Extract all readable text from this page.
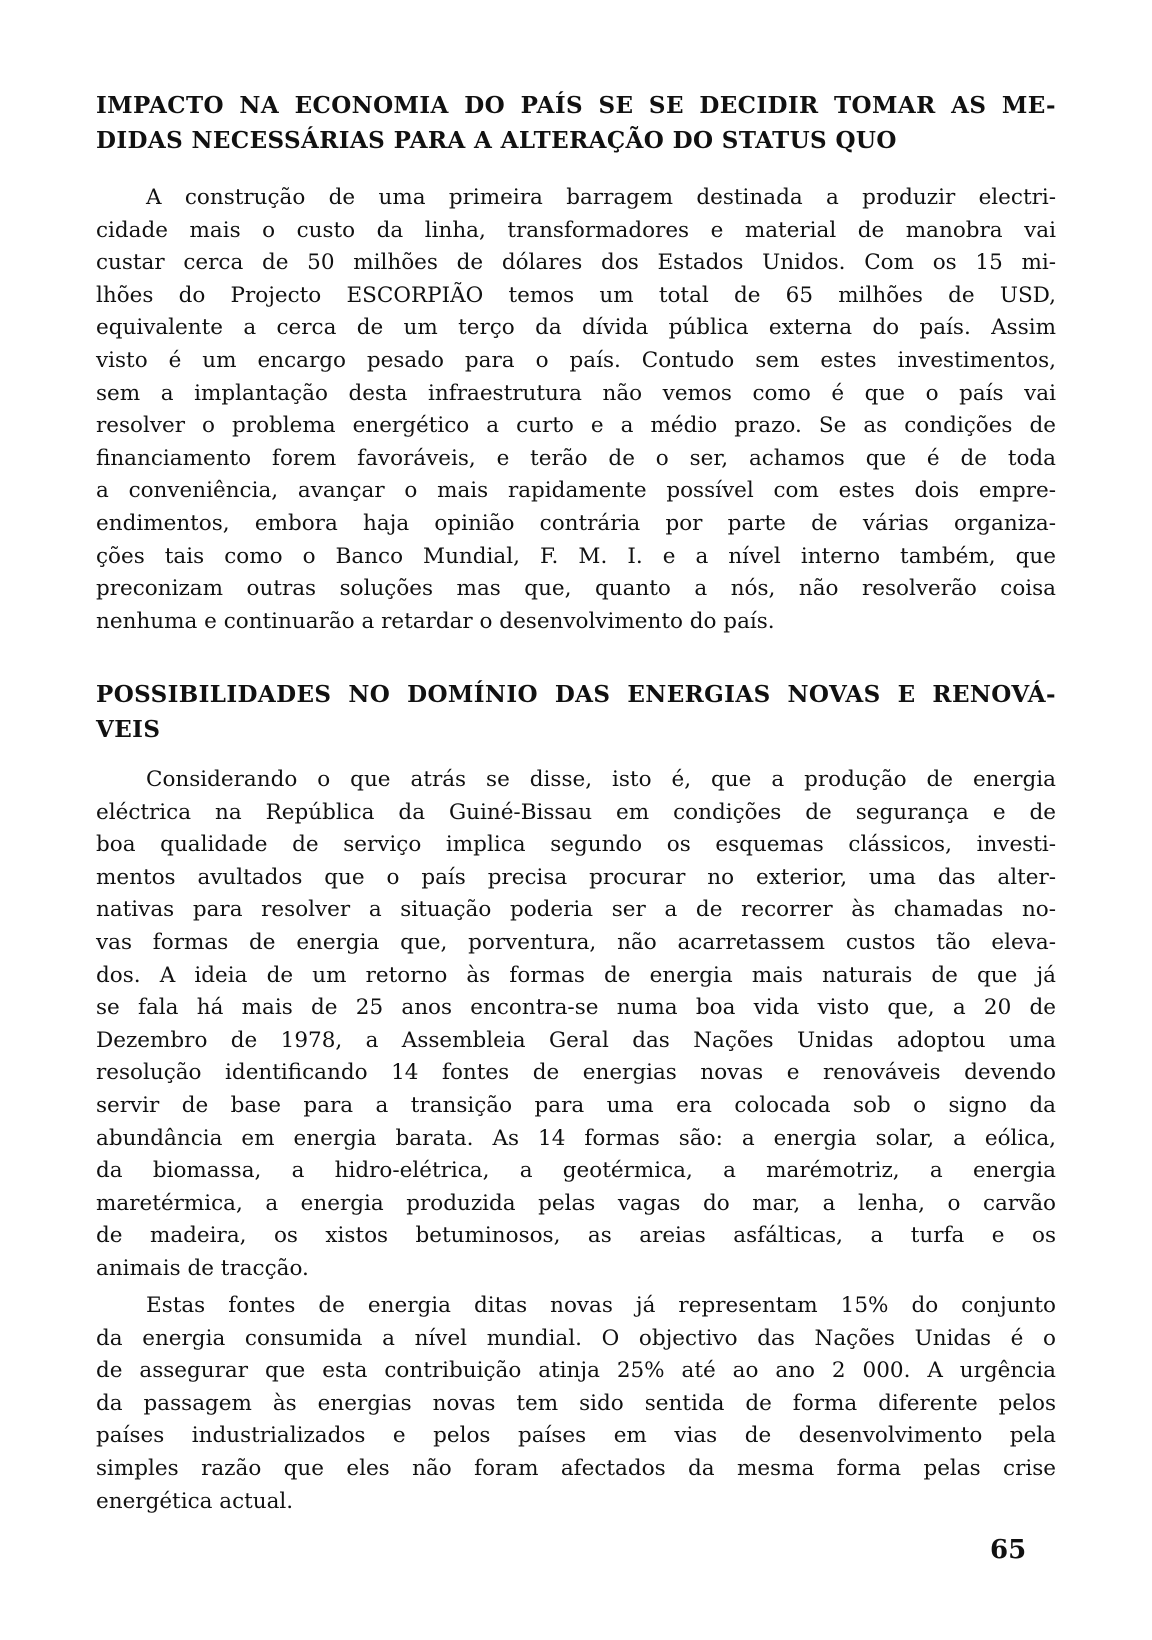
IMPACTO NA ECONOMIA DO PAÍS SE SE DECIDIR TOMAR AS ME-
DIDAS NECESSÁRIAS PARA A ALTERAÇÃO DO STATUS QUO
A construção de uma primeira barragem destinada a produzir electri-
cidade mais o custo da linha, transformadores e material de manobra vai
custar cerca de 50 milhões de dólares dos Estados Unidos. Com os 15 mi-
lhões do Projecto ESCORPIÃO temos um total de 65 milhões de USD,
equivalente a cerca de um terço da dívida pública externa do país. Assim
visto é um encargo pesado para o país. Contudo sem estes investimentos,
sem a implantação desta infraestrutura não vemos como é que o país vai
resolver o problema energético a curto e a médio prazo. Se as condições de
financiamento forem favoráveis, e terão de o ser, achamos que é de toda
a conveniência, avançar o mais rapidamente possível com estes dois empre-
endimentos, embora haja opinião contrária por parte de várias organiza-
ções tais como o Banco Mundial, F. M. I. e a nível interno também, que
preconizam outras soluções mas que, quanto a nós, não resolverão coisa
nenhuma e continuarão a retardar o desenvolvimento do país.
POSSIBILIDADES NO DOMÍNIO DAS ENERGIAS NOVAS E RENOVÁ-
VEIS
Considerando o que atrás se disse, isto é, que a produção de energia
eléctrica na República da Guiné-Bissau em condições de segurança e de
boa qualidade de serviço implica segundo os esquemas clássicos, investi-
mentos avultados que o país precisa procurar no exterior, uma das alter-
nativas para resolver a situação poderia ser a de recorrer às chamadas no-
vas formas de energia que, porventura, não acarretassem custos tão eleva-
dos. A ideia de um retorno às formas de energia mais naturais de que já
se fala há mais de 25 anos encontra-se numa boa vida visto que, a 20 de
Dezembro de 1978, a Assembleia Geral das Nações Unidas adoptou uma
resolução identificando 14 fontes de energias novas e renováveis devendo
servir de base para a transição para uma era colocada sob o signo da
abundância em energia barata. As 14 formas são: a energia solar, a eólica,
da biomassa, a hidro-elétrica, a geotérmica, a marémotriz, a energia
maretérmica, a energia produzida pelas vagas do mar, a lenha, o carvão
de madeira, os xistos betuminosos, as areias asfálticas, a turfa e os
animais de tracção.
Estas fontes de energia ditas novas já representam 15% do conjunto
da energia consumida a nível mundial. O objectivo das Nações Unidas é o
de assegurar que esta contribuição atinja 25% até ao ano 2 000. A urgência
da passagem às energias novas tem sido sentida de forma diferente pelos
países industrializados e pelos países em vias de desenvolvimento pela
simples razão que eles não foram afectados da mesma forma pelas crise
energética actual.
65
